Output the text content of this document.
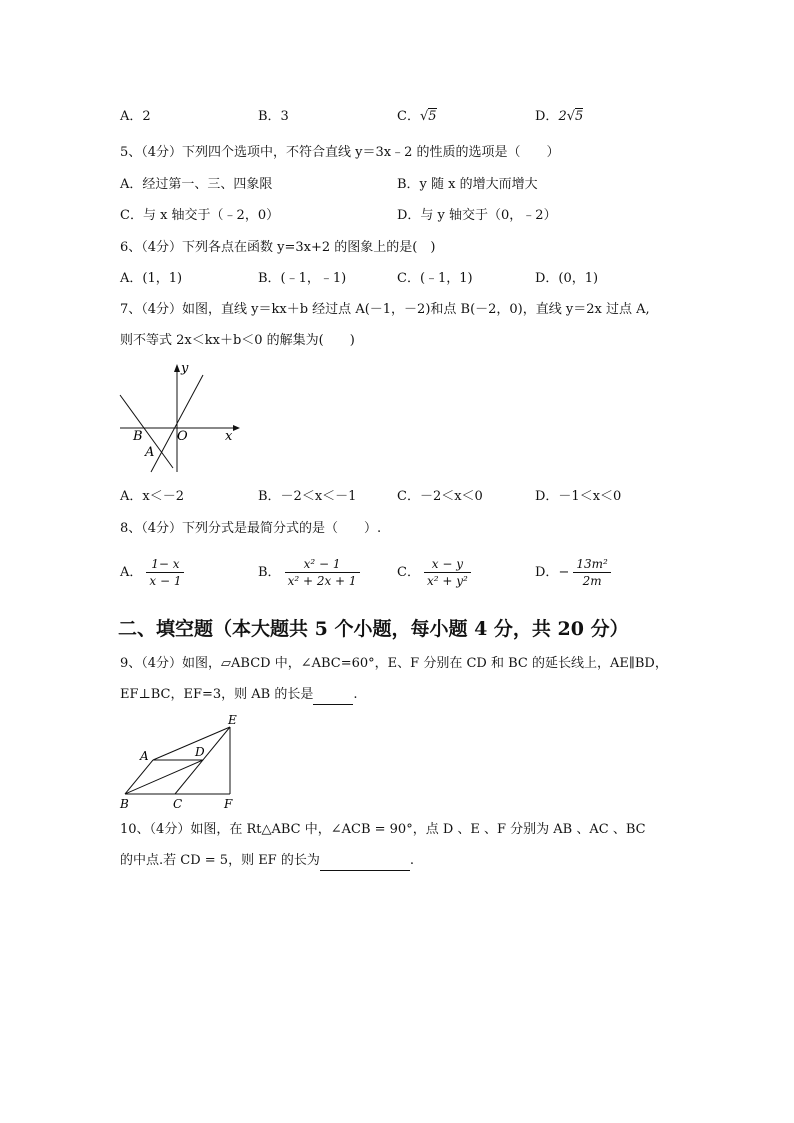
A．2	B．3	C．√5	D．2√5
5、（4分）下列四个选项中，不符合直线 y＝3x﹣2 的性质的选项是（　　）
A．经过第一、三、四象限	B．y 随 x 的增大而增大
C．与 x 轴交于（﹣2，0）	D．与 y 轴交于（0，﹣2）
6、（4分）下列各点在函数 y=3x+2 的图象上的是(　)
A．(1，1)	B．(﹣1，﹣1)	C．(﹣1，1)	D．(0，1)
7、（4分）如图，直线 y＝kx＋b 经过点 A(－1，－2)和点 B(－2，0)，直线 y＝2x 过点 A,
则不等式 2x＜kx＋b＜0 的解集为(　　)
B	O
A
y
x
A．x＜－2	B．－2＜x＜－1	C．－2＜x＜0	D．－1＜x＜0
8、（4分）下列分式是最简分式的是（　　）.
A． $\frac{1- x}{x - 1}$	B． $\frac{\text{x² − 1}}{\text{x² + 2x + 1}}$	C． $\frac{x - y}{\text{x² + y²}}$	D．− $\frac{\text{13m²}}{2m}$
二、填空题（本大题共 5 个小题，每小题 4 分，共 20 分）
9、（4分）如图，▱ABCD 中，∠ABC=60°，E、F 分别在 CD 和 BC 的延长线上，AE∥BD，
EF⊥BC，EF=3，则 AB 的长是	.
E
A	D
B	C	F
10、（4分）如图，在 Rt△ABC 中，∠ACB = 90°，点 D 、E 、F 分别为 AB 、AC 、BC
的中点.若 CD = 5，则 EF 的长为	.
